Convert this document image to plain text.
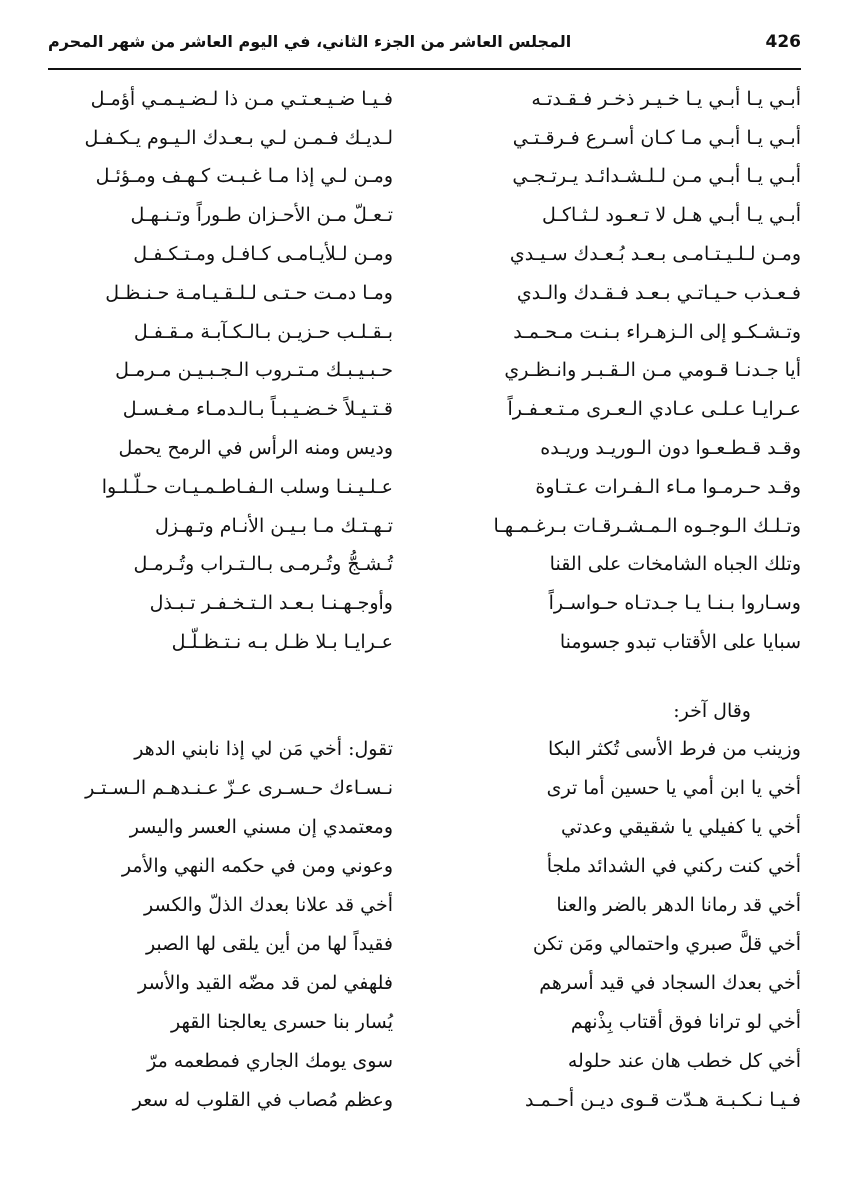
426
المجلس العاشر من الجزء الثاني، في اليوم العاشر من شهر المحرم
أبـي يـا أبـي يـا خـيـر ذخـر فـقـدتـه
فـيـا ضـيـعـتـي مـن ذا لـضـيـمـي أؤمـل
أبـي يـا أبـي مـا كـان أسـرع فـرقـتـي
لـديـك فـمـن لـي بـعـدك الـيـوم يـكـفـل
أبـي يـا أبـي مـن لـلـشـدائـد يـرتـجـي
ومـن لـي إذا مـا غـبـت كـهـف ومـؤئـل
أبـي يـا أبـي هـل لا تـعـود لـثـاكـل
تـعـلّ مـن الأحـزان طـوراً وتـنـهـل
ومـن لـلـيـتـامـى بـعـد بُـعـدك سـيـدي
ومـن لـلأيـامـى كـافـل ومـتـكـفـل
فـعـذب حـيـاتـي بـعـد فـقـدك والـدي
ومـا دمـت حـتـى لـلـقـيـامـة حـنـظـل
وتـشـكـو إلى الـزهـراء بـنـت مـحـمـد
بـقـلـب حـزيـن بـالـكـآبـة مـقـفـل
أيا جـدنـا قـومي مـن الـقـبـر وانـظـري
حـبـيـبـك مـتـروب الـجـبـيـن مـرمـل
عـرايـا عـلـى عـادي الـعـرى مـتـعـفـراً
قـتـيـلاً خـضـيـبـاً بـالـدمـاء مـغـسـل
وقـد قـطـعـوا دون الـوريـد وريـده
وديس ومنه الرأس في الرمح يحمل
وقـد حـرمـوا مـاء الـفـرات عـتـاوة
عـلـيـنـا وسلب الـفـاطـمـيـات حـلّـلـوا
وتـلـك الـوجـوه الـمـشـرقـات بـرغـمـهـا
تـهـتـك مـا بـيـن الأنـام وتـهـزل
وتلك الجباه الشامخات على القنا
تُـشـجُّ وتُـرمـى بـالـتـراب وتُـرمـل
وسـاروا بـنـا يـا جـدتـاه حـواسـراً
وأوجـهـنـا بـعـد الـتـخـفـر تـبـذل
سبايا على الأقتاب تبدو جسومنا
عـرايـا بـلا ظـل بـه نـتـظـلّـل
وقال آخر:
وزينب من فرط الأسى تُكثر البكا
تقول: أخي مَن لي إذا نابني الدهر
أخي يا ابن أمي يا حسين أما ترى
نـسـاءك حـسـرى عـزّ عـنـدهـم الـسـتـر
أخي يا كفيلي يا شقيقي وعدتي
ومعتمدي إن مسني العسر واليسر
أخي كنت ركني في الشدائد ملجأ
وعوني ومن في حكمه النهي والأمر
أخي قد رمانا الدهر بالضر والعنا
أخي قد علانا بعدك الذلّ والكسر
أخي قلَّ صبري واحتمالي ومَن تكن
فقيداً لها من أين يلقى لها الصبر
أخي بعدك السجاد في قيد أسرهم
فلهفي لمن قد مضّه القيد والأسر
أخي لو ترانا فوق أقتاب بِذْنهم
يُسار بنا حسرى يعالجنا القهر
أخي كل خطب هان عند حلوله
سوى يومك الجاري فمطعمه مرّ
فـيـا نـكـبـة هـدّت قـوى ديـن أحـمـد
وعظم مُصاب في القلوب له سعر
